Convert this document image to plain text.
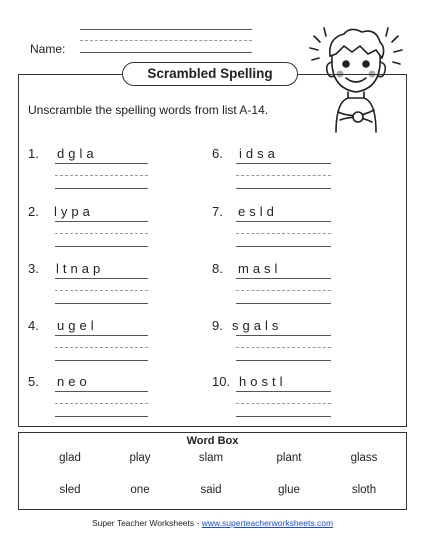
Name:
Scrambled Spelling
Unscramble the spelling words from list A-14.
1. dgla
2. lypa
3. ltnap
4. ugel
5. neo
6. idsa
7. esld
8. masl
9. sgals
10. hostl
Word Box
glad	play	slam	plant	glass
sled	one	said	glue	sloth
Super Teacher Worksheets - www.superteacherworksheets.com
